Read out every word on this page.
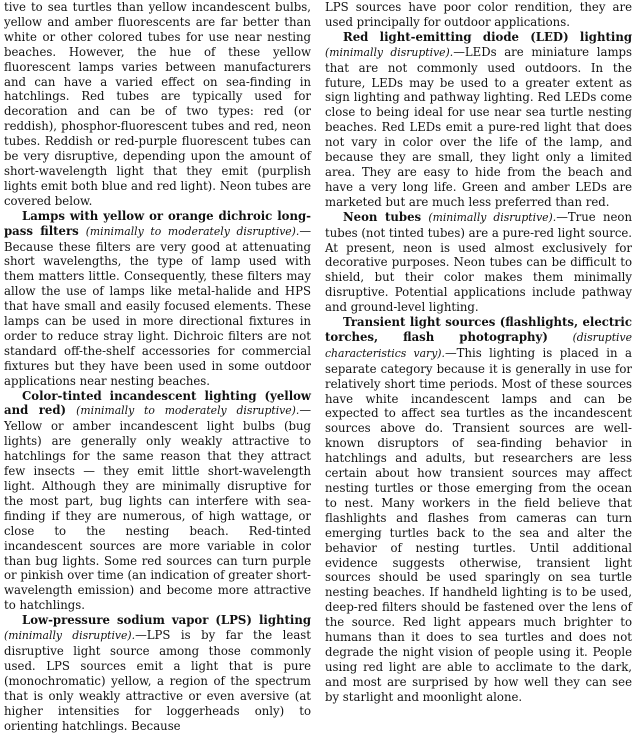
tive to sea turtles than yellow incandescent bulbs, yellow and amber fluorescents are far better than white or other colored tubes for use near nesting beaches. However, the hue of these yellow fluorescent lamps varies between manufacturers and can have a varied effect on sea-finding in hatchlings. Red tubes are typically used for decoration and can be of two types: red (or reddish), phosphor-fluorescent tubes and red, neon tubes. Reddish or red-purple fluorescent tubes can be very disruptive, depending upon the amount of short-wavelength light that they emit (purplish lights emit both blue and red light). Neon tubes are covered below.

Lamps with yellow or orange dichroic long-pass filters (minimally to moderately disruptive).—Because these filters are very good at attenuating short wavelengths, the type of lamp used with them matters little. Consequently, these filters may allow the use of lamps like metal-halide and HPS that have small and easily focused elements. These lamps can be used in more directional fixtures in order to reduce stray light. Dichroic filters are not standard off-the-shelf accessories for commercial fixtures but they have been used in some outdoor applications near nesting beaches.

Color-tinted incandescent lighting (yellow and red) (minimally to moderately disruptive).—Yellow or amber incandescent light bulbs (bug lights) are generally only weakly attractive to hatchlings for the same reason that they attract few insects — they emit little short-wavelength light. Although they are minimally disruptive for the most part, bug lights can interfere with sea-finding if they are numerous, of high wattage, or close to the nesting beach. Red-tinted incandescent sources are more variable in color than bug lights. Some red sources can turn purple or pinkish over time (an indication of greater short-wavelength emission) and become more attractive to hatchlings.

Low-pressure sodium vapor (LPS) lighting (minimally disruptive).—LPS is by far the least disruptive light source among those commonly used. LPS sources emit a light that is pure (monochromatic) yellow, a region of the spectrum that is only weakly attractive or even aversive (at higher intensities for loggerheads only) to orienting hatchlings. Because

LPS sources have poor color rendition, they are used principally for outdoor applications.

Red light-emitting diode (LED) lighting (minimally disruptive).—LEDs are miniature lamps that are not commonly used outdoors. In the future, LEDs may be used to a greater extent as sign lighting and pathway lighting. Red LEDs come close to being ideal for use near sea turtle nesting beaches. Red LEDs emit a pure-red light that does not vary in color over the life of the lamp, and because they are small, they light only a limited area. They are easy to hide from the beach and have a very long life. Green and amber LEDs are marketed but are much less preferred than red.

Neon tubes (minimally disruptive).—True neon tubes (not tinted tubes) are a pure-red light source. At present, neon is used almost exclusively for decorative purposes. Neon tubes can be difficult to shield, but their color makes them minimally disruptive. Potential applications include pathway and ground-level lighting.

Transient light sources (flashlights, electric torches, flash photography) (disruptive characteristics vary).—This lighting is placed in a separate category because it is generally in use for relatively short time periods. Most of these sources have white incandescent lamps and can be expected to affect sea turtles as the incandescent sources above do. Transient sources are well-known disruptors of sea-finding behavior in hatchlings and adults, but researchers are less certain about how transient sources may affect nesting turtles or those emerging from the ocean to nest. Many workers in the field believe that flashlights and flashes from cameras can turn emerging turtles back to the sea and alter the behavior of nesting turtles. Until additional evidence suggests otherwise, transient light sources should be used sparingly on sea turtle nesting beaches. If handheld lighting is to be used, deep-red filters should be fastened over the lens of the source. Red light appears much brighter to humans than it does to sea turtles and does not degrade the night vision of people using it. People using red light are able to acclimate to the dark, and most are surprised by how well they can see by starlight and moonlight alone.
